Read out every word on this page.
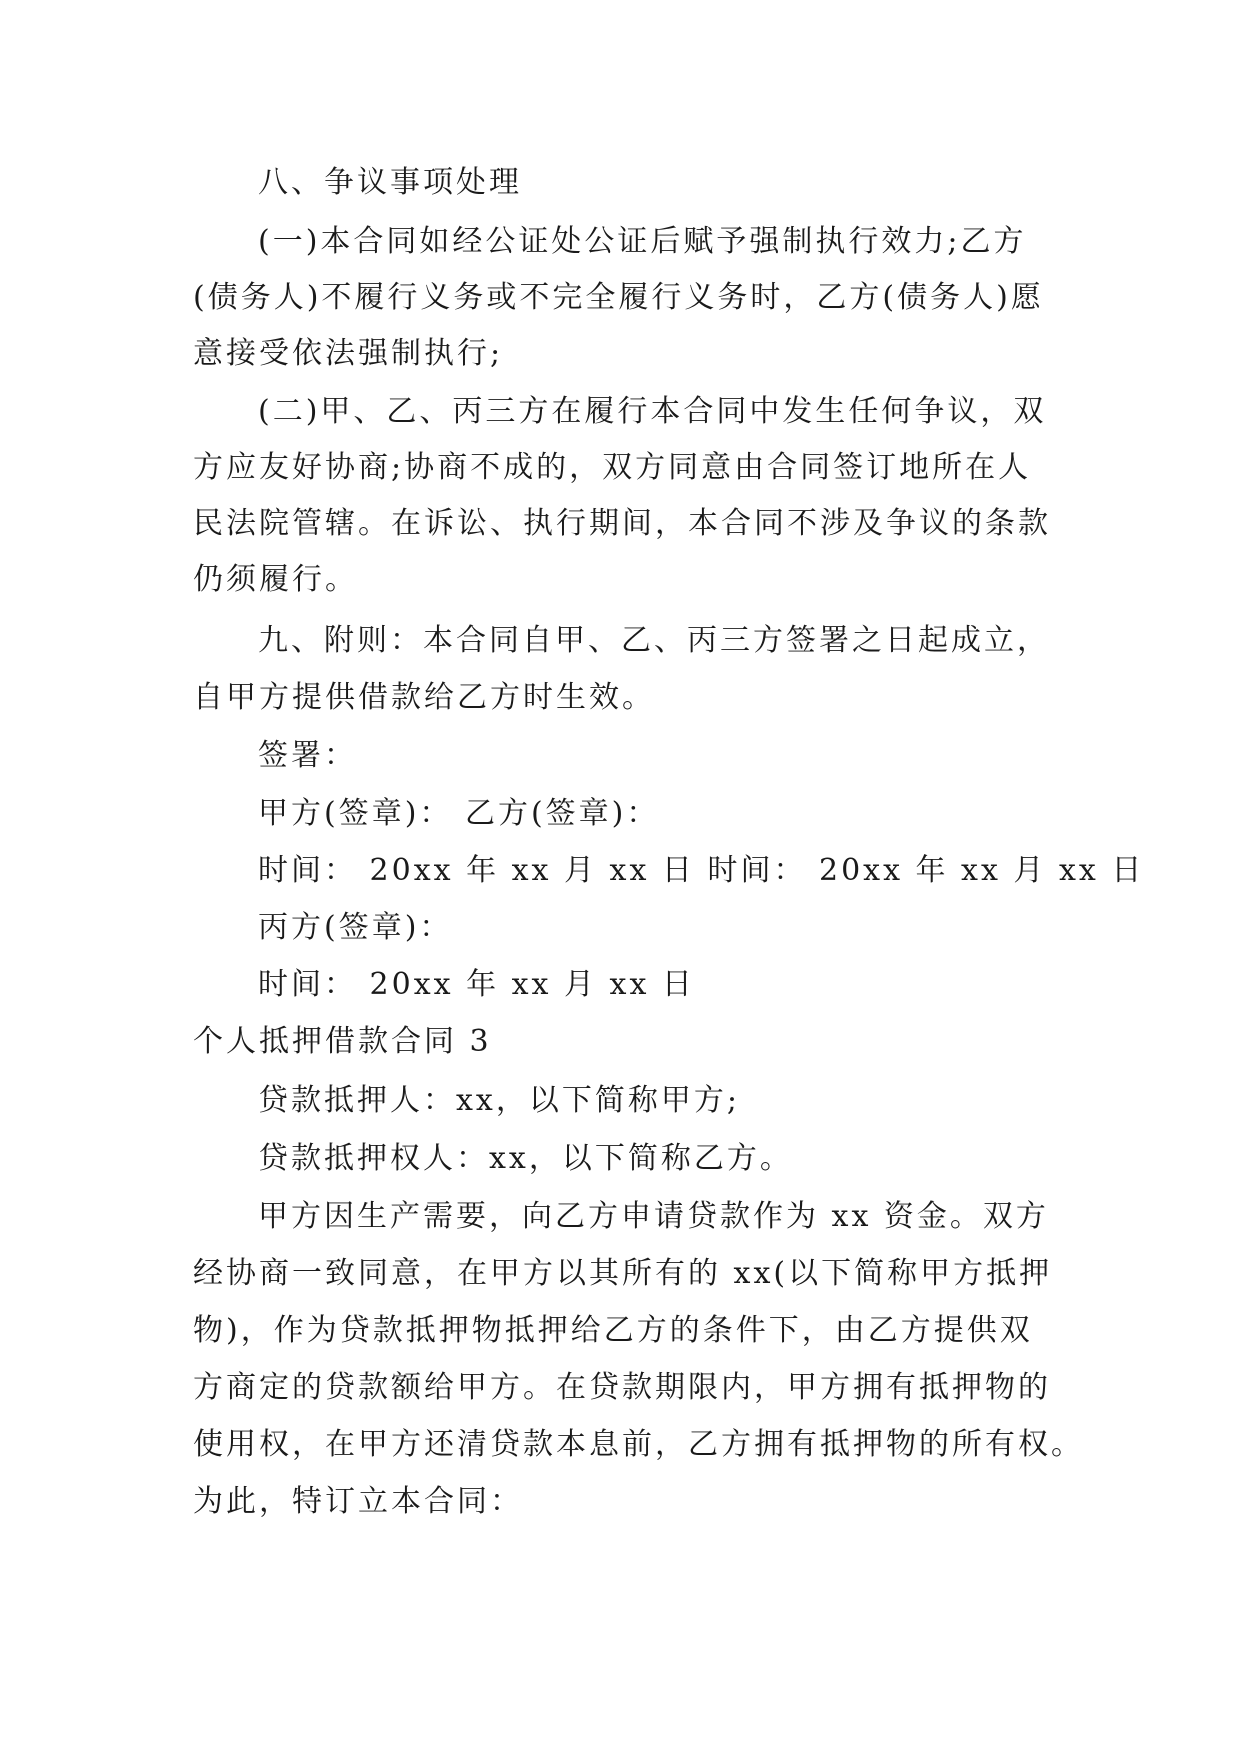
八、争议事项处理
(一)本合同如经公证处公证后赋予强制执行效力;乙方
(债务人)不履行义务或不完全履行义务时，乙方(债务人)愿
意接受依法强制执行;
(二)甲、乙、丙三方在履行本合同中发生任何争议，双
方应友好协商;协商不成的，双方同意由合同签订地所在人
民法院管辖。在诉讼、执行期间，本合同不涉及争议的条款
仍须履行。
九、附则：本合同自甲、乙、丙三方签署之日起成立，
自甲方提供借款给乙方时生效。
签署：
甲方(签章)： 乙方(签章)：
时间： 20xx 年 xx 月 xx 日 时间： 20xx 年 xx 月 xx 日
丙方(签章)：
时间： 20xx 年 xx 月 xx 日
个人抵押借款合同 3
贷款抵押人：xx，以下简称甲方;
贷款抵押权人：xx，以下简称乙方。
甲方因生产需要，向乙方申请贷款作为 xx 资金。双方
经协商一致同意，在甲方以其所有的 xx(以下简称甲方抵押
物)，作为贷款抵押物抵押给乙方的条件下，由乙方提供双
方商定的贷款额给甲方。在贷款期限内，甲方拥有抵押物的
使用权，在甲方还清贷款本息前，乙方拥有抵押物的所有权。
为此，特订立本合同：
